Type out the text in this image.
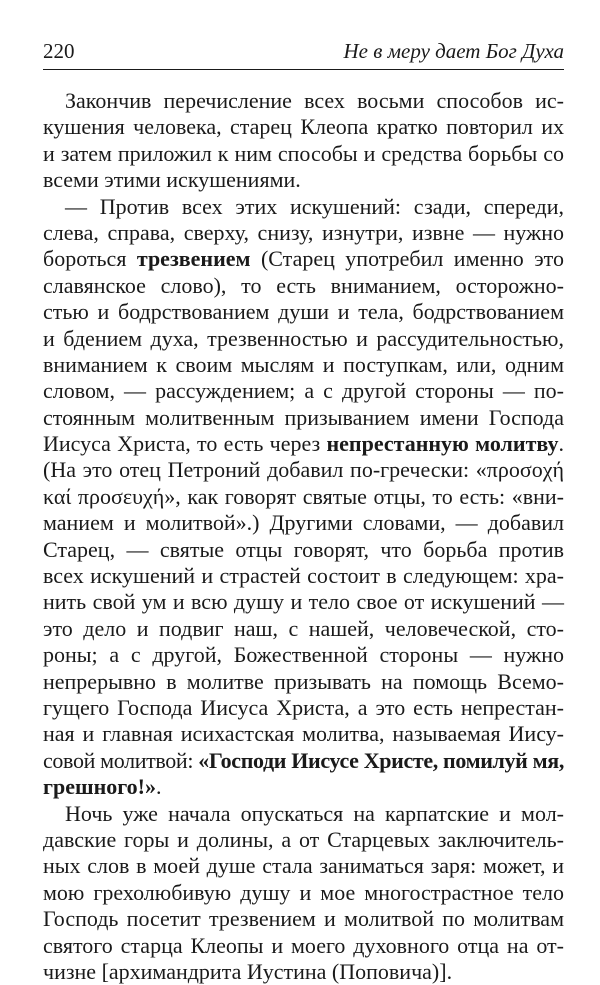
220	Не в меру дает Бог Духа
Закончив перечисление всех восьми способов ис-
кушения человека, старец Клеопа кратко повторил их
и затем приложил к ним способы и средства борьбы со
всеми этими искушениями.
— Против всех этих искушений: сзади, спереди,
слева, справа, сверху, снизу, изнутри, извне — нужно
бороться трезвением (Старец употребил именно это
славянское слово), то есть вниманием, осторожно-
стью и бодрствованием души и тела, бодрствованием
и бдением духа, трезвенностью и рассудительностью,
вниманием к своим мыслям и поступкам, или, одним
словом, — рассуждением; а с другой стороны — по-
стоянным молитвенным призыванием имени Господа
Иисуса Христа, то есть через непрестанную молитву.
(На это отец Петроний добавил по-гречески: «προσοχή
καί προσευχή», как говорят святые отцы, то есть: «вни-
манием и молитвой».) Другими словами, — добавил
Старец, — святые отцы говорят, что борьба против
всех искушений и страстей состоит в следующем: хра-
нить свой ум и всю душу и тело свое от искушений —
это дело и подвиг наш, с нашей, человеческой, сто-
роны; а с другой, Божественной стороны — нужно
непрерывно в молитве призывать на помощь Всемо-
гущего Господа Иисуса Христа, а это есть непрестан-
ная и главная исихастская молитва, называемая Иису-
совой молитвой: «Господи Иисусе Христе, помилуй мя,
грешного!».
Ночь уже начала опускаться на карпатские и мол-
давские горы и долины, а от Старцевых заключитель-
ных слов в моей душе стала заниматься заря: может, и
мою грехолюбивую душу и мое многострастное тело
Господь посетит трезвением и молитвой по молитвам
святого старца Клеопы и моего духовного отца на от-
чизне [архимандрита Иустина (Поповича)].
